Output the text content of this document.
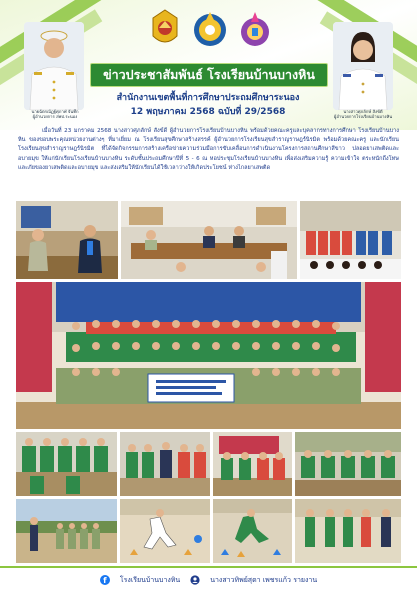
นายฉัตรณัฏฐ์ศุภาฬ จันทึก
ผู้อำนวยการ สพป.ระนอง
นางสาวศุภลักษ์ สังข์ดี
ผู้อำนวยการโรงเรียนบ้านบางหิน
ข่าวประชาสัมพันธ์ โรงเรียนบ้านบางหิน
สำนักงานเขตพื้นที่การศึกษาประถมศึกษาระนอง
12 พฤษภาคม 2568 ฉบับที่ 29/2568
เมื่อวันที่ 23 มกราคม 2568 นางสาวศุภลักษ์ สังข์ดี ผู้อำนวยการโรงเรียนบ้านบางหิน พร้อมด้วยคณะครูและบุคลากรทางการศึกษา โรงเรียนบ้านบางหิน ของขอบพระคุณหน่วยงานต่างๆ ที่มาเยี่ยม ณ โรงเรียนสุขศึกษาสร้างสรรค์ ผู้อำนวยการโรงเรียนสุขสำราญราษฎร์นิรมิต พร้อมด้วยคณะครู และนักเรียน โรงเรียนสุขสำราญราษฎร์นิรมิต ที่ได้จัดกิจกรรมการสร้างเครือข่ายความร่วมมือการขับเคลื่อนการดำเนินงานโครงการสถานศึกษาสีขาว ปลอดยาเสพติดและอบายมุข ให้แก่นักเรียนโรงเรียนบ้านบางหิน ระดับชั้นประถมศึกษาปีที่ 5 - 6 ณ หอประชุมโรงเรียนบ้านบางหิน เพื่อส่งเสริมความรู้ ความเข้าใจ ตระหนักถึงโทษและภัยของยาเสพติดและอบายมุข และส่งเสริมให้นักเรียนได้ใช้เวลาว่างให้เกิดประโยชน์ ห่างไกลยาเสพติด
f	โรงเรียนบ้านบางหิน	นางสาวทิพย์สุดา เพชรแก้ว รายงาน
